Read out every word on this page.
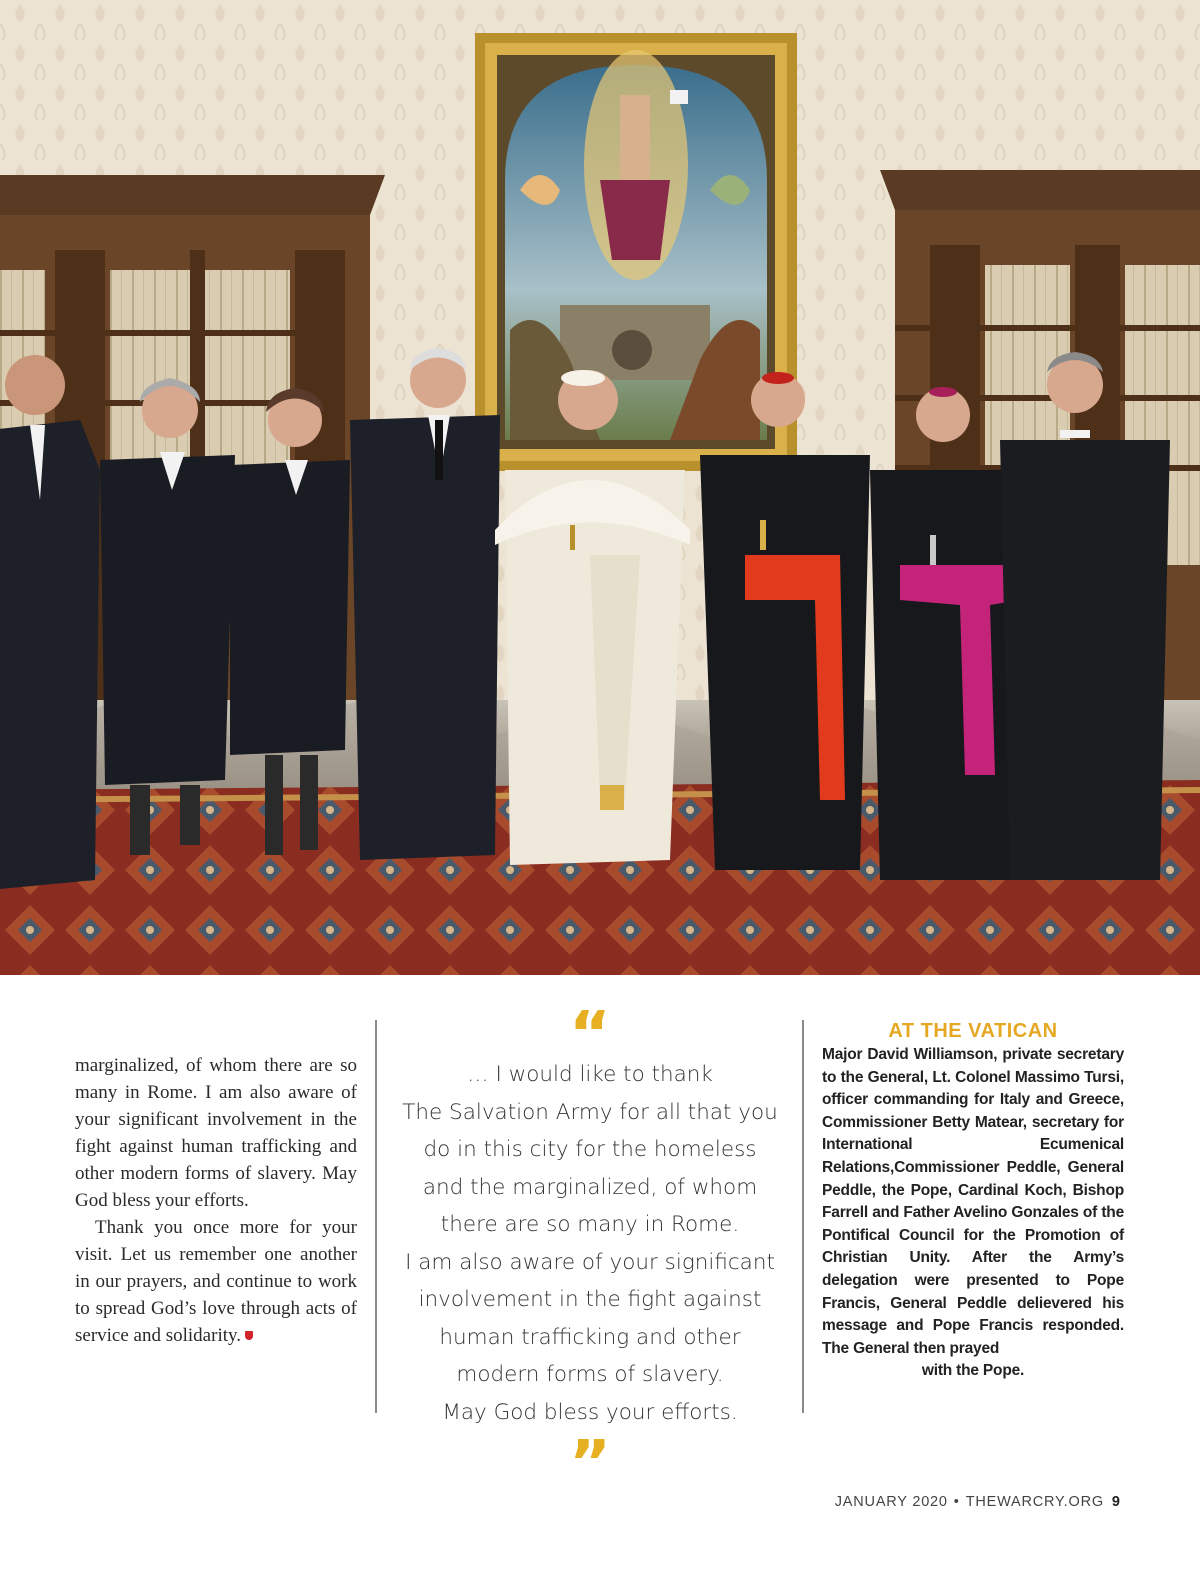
marginalized, of whom there are so many in Rome. I am also aware of your significant involvement in the fight against human trafficking and other modern forms of slavery. May God bless your efforts.

Thank you once more for your visit. Let us remember one another in our prayers, and continue to work to spread God’s love through acts of service and solidarity.

“
… I would like to thank
The Salvation Army for all that you
do in this city for the homeless
and the marginalized, of whom
there are so many in Rome.
I am also aware of your significant
involvement in the fight against
human trafficking and other
modern forms of slavery.
May God bless your efforts.
”
AT THE VATICAN
Major David Williamson, private secretary to the General, Lt. Colonel Massimo Tursi, officer commanding for Italy and Greece, Commissioner Betty Matear, secretary for International Ecumenical Relations,Commissioner Peddle, General Peddle, the Pope, Cardinal Koch, Bishop Farrell and Father Avelino Gonzales of the Pontifical Council for the Promotion of Christian Unity. After the Army’s delegation were presented to Pope Francis, General Peddle delievered his message and Pope Francis responded. The General then prayed
with the Pope.
JANUARY 2020 • THEWARCRY.ORG 9
